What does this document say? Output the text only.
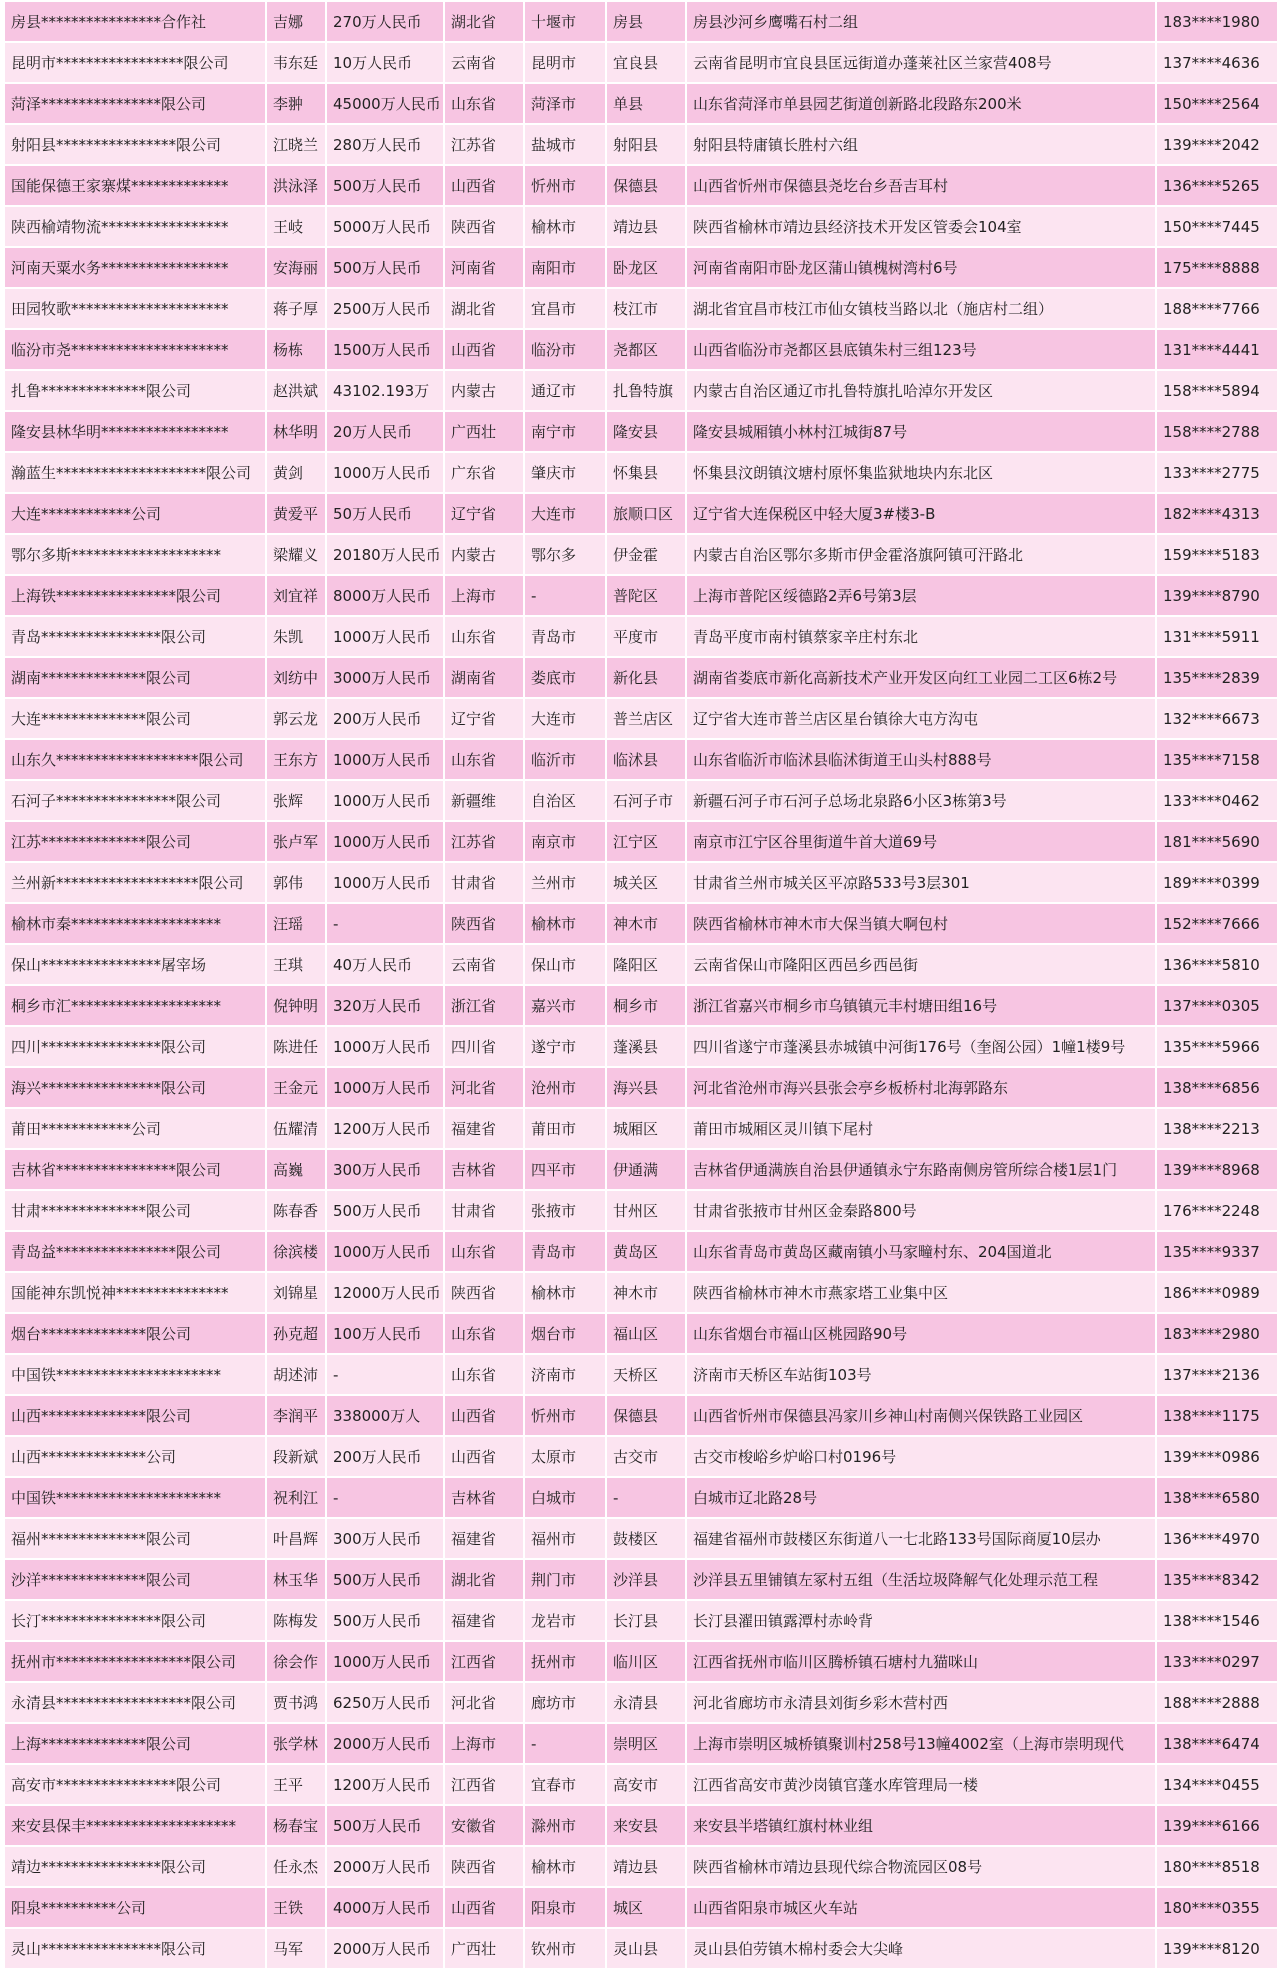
房县****************合作社	吉娜	270万人民币	湖北省	十堰市	房县	房县沙河乡鹰嘴石村二组	183****1980
昆明市*****************限公司	韦东廷	10万人民币	云南省	昆明市	宜良县	云南省昆明市宜良县匡远街道办蓬莱社区兰家营408号	137****4636
菏泽****************限公司	李翀	45000万人民币	山东省	菏泽市	单县	山东省菏泽市单县园艺街道创新路北段路东200米	150****2564
射阳县****************限公司	江晓兰	280万人民币	江苏省	盐城市	射阳县	射阳县特庸镇长胜村六组	139****2042
国能保德王家寨煤*************	洪泳泽	500万人民币	山西省	忻州市	保德县	山西省忻州市保德县尧圪台乡吾吉耳村	136****5265
陕西榆靖物流*****************	王岐	5000万人民币	陕西省	榆林市	靖边县	陕西省榆林市靖边县经济技术开发区管委会104室	150****7445
河南天粟水务*****************	安海丽	500万人民币	河南省	南阳市	卧龙区	河南省南阳市卧龙区蒲山镇槐树湾村6号	175****8888
田园牧歌*********************	蒋子厚	2500万人民币	湖北省	宜昌市	枝江市	湖北省宜昌市枝江市仙女镇枝当路以北（施店村二组）	188****7766
临汾市尧*********************	杨栋	1500万人民币	山西省	临汾市	尧都区	山西省临汾市尧都区县底镇朱村三组123号	131****4441
扎鲁**************限公司	赵洪斌	43102.193万	内蒙古	通辽市	扎鲁特旗	内蒙古自治区通辽市扎鲁特旗扎哈淖尔开发区	158****5894
隆安县林华明*****************	林华明	20万人民币	广西壮	南宁市	隆安县	隆安县城厢镇小林村江城街87号	158****2788
瀚蓝生********************限公司	黄剑	1000万人民币	广东省	肇庆市	怀集县	怀集县汶朗镇汶塘村原怀集监狱地块内东北区	133****2775
大连************公司	黄爱平	50万人民币	辽宁省	大连市	旅顺口区	辽宁省大连保税区中轻大厦3#楼3-B	182****4313
鄂尔多斯********************	梁耀义	20180万人民币	内蒙古	鄂尔多	伊金霍	内蒙古自治区鄂尔多斯市伊金霍洛旗阿镇可汗路北	159****5183
上海铁****************限公司	刘宜祥	8000万人民币	上海市	-	普陀区	上海市普陀区绥德路2弄6号第3层	139****8790
青岛****************限公司	朱凯	1000万人民币	山东省	青岛市	平度市	青岛平度市南村镇蔡家辛庄村东北	131****5911
湖南**************限公司	刘纺中	3000万人民币	湖南省	娄底市	新化县	湖南省娄底市新化高新技术产业开发区向红工业园二工区6栋2号	135****2839
大连**************限公司	郭云龙	200万人民币	辽宁省	大连市	普兰店区	辽宁省大连市普兰店区星台镇徐大屯方沟屯	132****6673
山东久*******************限公司	王东方	1000万人民币	山东省	临沂市	临沭县	山东省临沂市临沭县临沭街道王山头村888号	135****7158
石河子****************限公司	张辉	1000万人民币	新疆维	自治区	石河子市	新疆石河子市石河子总场北泉路6小区3栋第3号	133****0462
江苏**************限公司	张卢军	1000万人民币	江苏省	南京市	江宁区	南京市江宁区谷里街道牛首大道69号	181****5690
兰州新*******************限公司	郭伟	1000万人民币	甘肃省	兰州市	城关区	甘肃省兰州市城关区平凉路533号3层301	189****0399
榆林市秦********************	汪瑶	-	陕西省	榆林市	神木市	陕西省榆林市神木市大保当镇大啊包村	152****7666
保山****************屠宰场	王琪	40万人民币	云南省	保山市	隆阳区	云南省保山市隆阳区西邑乡西邑街	136****5810
桐乡市汇********************	倪钟明	320万人民币	浙江省	嘉兴市	桐乡市	浙江省嘉兴市桐乡市乌镇镇元丰村塘田组16号	137****0305
四川****************限公司	陈进任	1000万人民币	四川省	遂宁市	蓬溪县	四川省遂宁市蓬溪县赤城镇中河街176号（奎阁公园）1幢1楼9号	135****5966
海兴****************限公司	王金元	1000万人民币	河北省	沧州市	海兴县	河北省沧州市海兴县张会亭乡板桥村北海郭路东	138****6856
莆田************公司	伍耀清	1200万人民币	福建省	莆田市	城厢区	莆田市城厢区灵川镇下尾村	138****2213
吉林省****************限公司	高巍	300万人民币	吉林省	四平市	伊通满	吉林省伊通满族自治县伊通镇永宁东路南侧房管所综合楼1层1门	139****8968
甘肃**************限公司	陈春香	500万人民币	甘肃省	张掖市	甘州区	甘肃省张掖市甘州区金秦路800号	176****2248
青岛益****************限公司	徐滨楼	1000万人民币	山东省	青岛市	黄岛区	山东省青岛市黄岛区藏南镇小马家疃村东、204国道北	135****9337
国能神东凯悦神***************	刘锦星	12000万人民币	陕西省	榆林市	神木市	陕西省榆林市神木市燕家塔工业集中区	186****0989
烟台**************限公司	孙克超	100万人民币	山东省	烟台市	福山区	山东省烟台市福山区桃园路90号	183****2980
中国铁**********************	胡述沛	-	山东省	济南市	天桥区	济南市天桥区车站街103号	137****2136
山西**************限公司	李润平	338000万人	山西省	忻州市	保德县	山西省忻州市保德县冯家川乡神山村南侧兴保铁路工业园区	138****1175
山西**************公司	段新斌	200万人民币	山西省	太原市	古交市	古交市梭峪乡炉峪口村0196号	139****0986
中国铁**********************	祝利江	-	吉林省	白城市	-	白城市辽北路28号	138****6580
福州**************限公司	叶昌辉	300万人民币	福建省	福州市	鼓楼区	福建省福州市鼓楼区东街道八一七北路133号国际商厦10层办	136****4970
沙洋**************限公司	林玉华	500万人民币	湖北省	荆门市	沙洋县	沙洋县五里铺镇左冢村五组（生活垃圾降解气化处理示范工程	135****8342
长汀****************限公司	陈梅发	500万人民币	福建省	龙岩市	长汀县	长汀县濯田镇露潭村赤岭背	138****1546
抚州市******************限公司	徐会作	1000万人民币	江西省	抚州市	临川区	江西省抚州市临川区腾桥镇石塘村九猫咪山	133****0297
永清县******************限公司	贾书鸿	6250万人民币	河北省	廊坊市	永清县	河北省廊坊市永清县刘街乡彩木营村西	188****2888
上海**************限公司	张学林	2000万人民币	上海市	-	崇明区	上海市崇明区城桥镇聚训村258号13幢4002室（上海市崇明现代	138****6474
高安市****************限公司	王平	1200万人民币	江西省	宜春市	高安市	江西省高安市黄沙岗镇官蓬水库管理局一楼	134****0455
来安县保丰********************	杨春宝	500万人民币	安徽省	滁州市	来安县	来安县半塔镇红旗村林业组	139****6166
靖边****************限公司	任永杰	2000万人民币	陕西省	榆林市	靖边县	陕西省榆林市靖边县现代综合物流园区08号	180****8518
阳泉**********公司	王铁	4000万人民币	山西省	阳泉市	城区	山西省阳泉市城区火车站	180****0355
灵山****************限公司	马军	2000万人民币	广西壮	钦州市	灵山县	灵山县伯劳镇木棉村委会大尖峰	139****8120
